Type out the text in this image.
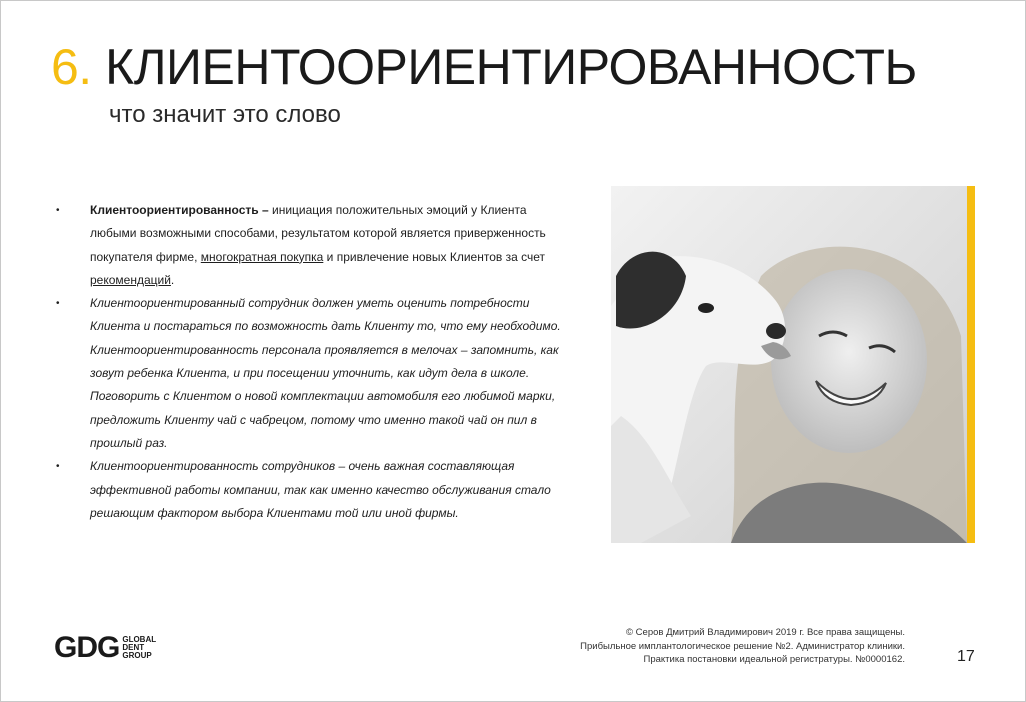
6. КЛИЕНТООРИЕНТИРОВАННОСТЬ
что значит это слово
•	Клиентоориентированность – инициация положительных эмоций у Клиента любыми возможными способами, результатом которой является приверженность покупателя фирме, многократная покупка и привлечение новых Клиентов за счет рекомендаций.
•	Клиентоориентированный сотрудник должен уметь оценить потребности Клиента и постараться по возможность дать Клиенту то, что ему необходимо. Клиентоориентированность персонала проявляется в мелочах – запомнить, как зовут ребенка Клиента, и при посещении уточнить, как идут дела в школе. Поговорить с Клиентом о новой комплектации автомобиля его любимой марки, предложить Клиенту чай с чабрецом, потому что именно такой чай он пил в прошлый раз.
•	Клиентоориентированность сотрудников – очень важная составляющая эффективной работы компании, так как именно качество обслуживания стало решающим фактором выбора Клиентами той или иной фирмы.
GDG GLOBAL
DENT
GROUP
© Серов Дмитрий Владимирович 2019 г. Все права защищены.
Прибыльное имплантологическое решение №2. Администратор клиники.
Практика постановки идеальной регистратуры. №0000162.	17
